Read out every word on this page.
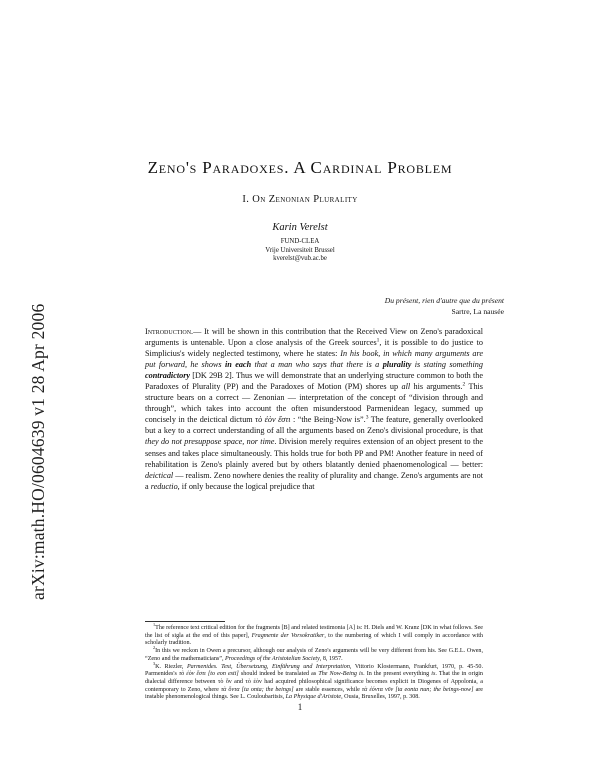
arXiv:math.HO/0604639 v1 28 Apr 2006
Zeno's Paradoxes. A Cardinal Problem
I. On Zenonian Plurality
Karin Verelst
FUND-CLEA
Vrije Universiteit Brussel
kverelst@vub.ac.be
Du présent, rien d'autre que du présent
Sartre, La nausée
Introduction.— It will be shown in this contribution that the Received View on Zeno's paradoxical arguments is untenable. Upon a close analysis of the Greek sources$^1$, it is possible to do justice to Simplicius's widely neglected testimony, where he states: In his book, in which many arguments are put forward, he shows in each that a man who says that there is a plurality is stating something contradictory [DK 29B 2]. Thus we will demonstrate that an underlying structure common to both the Paradoxes of Plurality (PP) and the Paradoxes of Motion (PM) shores up all his arguments.$^2$ This structure bears on a correct — Zenonian — interpretation of the concept of “division through and through”, which takes into account the often misunderstood Parmenidean legacy, summed up concisely in the deictical dictum τὸ ἐὸν ἔστι : “the Being-Now is”.$^3$ The feature, generally overlooked but a key to a correct understanding of all the arguments based on Zeno's divisional procedure, is that they do not presuppose space, nor time. Division merely requires extension of an object present to the senses and takes place simultaneously. This holds true for both PP and PM! Another feature in need of rehabilitation is Zeno's plainly avered but by others blatantly denied phaenomenological — better: deictical — realism. Zeno nowhere denies the reality of plurality and change. Zeno's arguments are not a reductio, if only because the logical prejudice that
$^1$The reference text critical edition for the fragments [B] and related testimonia [A] is: H. Diels and W. Kranz [DK in what follows. See the list of sigla at the end of this paper], Fragmente der Vorsokratiker, to the numbering of which I will comply in accordance with scholarly tradition.
$^2$In this we reckon in Owen a precursor, although our analysis of Zeno's arguments will be very different from his. See G.E.L. Owen, “Zeno and the mathematicians”, Proceedings of the Aristotelian Society, 8, 1957.
$^3$K. Riezler, Parmenides. Text, Übersetzung, Einführung und Interpretation, Vittorio Klostermann, Frankfurt, 1970, p. 45-50. Parmenides's τὸ ἐὸν ἔστι [to eon esti] should indeed be translated as The Now-Being is. In the present everything is. That the in origin dialectal difference between τὸ ὄν and τὸ ἐὸν had acquired philosophical significance becomes explicit in Diogenes of Appolonia, a contemporary to Zeno, where τὰ ὄντα [ta onta; the beings] are stable essences, while τὰ ἐόντα νῦν [ta eonta nun; the beings-now] are instable phenomenological things. See L. Couloubaritsis, La Physique d'Aristote, Ousia, Bruxelles, 1997, p. 308.
1
